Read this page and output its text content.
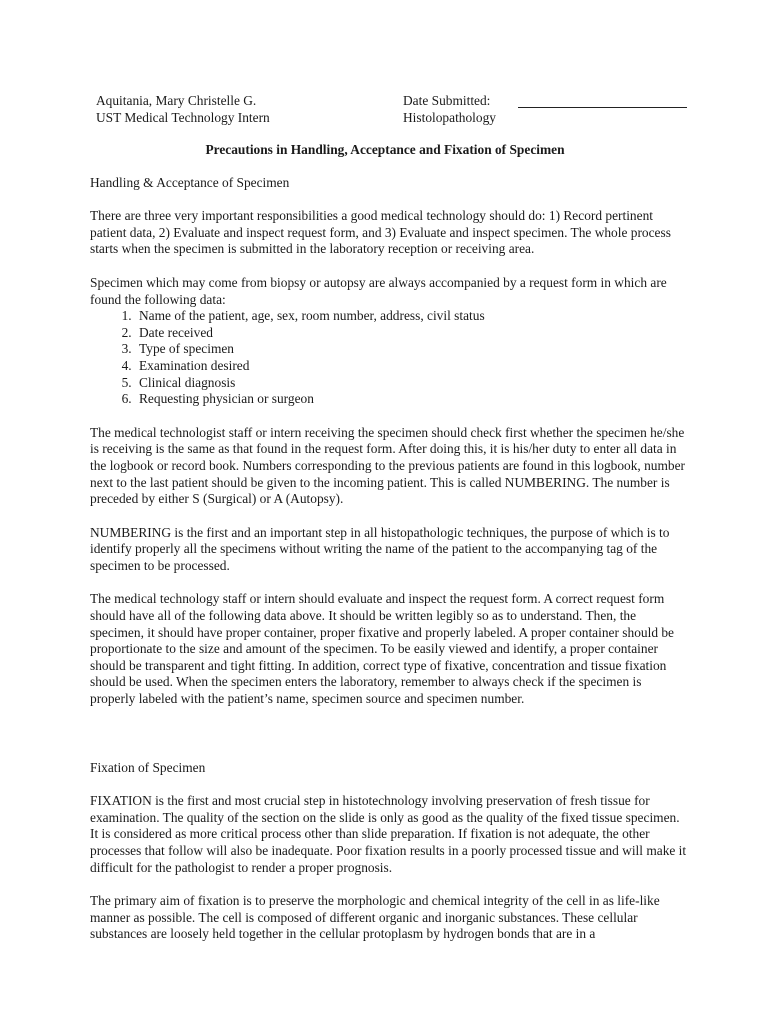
Aquitania, Mary Christelle G.
UST Medical Technology Intern
Date Submitted:
Histolopathology
Precautions in Handling, Acceptance and Fixation of Specimen
Handling & Acceptance of Specimen

There are three very important responsibilities a good medical technology should do: 1) Record pertinent patient data, 2) Evaluate and inspect request form, and 3) Evaluate and inspect specimen. The whole process starts when the specimen is submitted in the laboratory reception or receiving area.

Specimen which may come from biopsy or autopsy are always accompanied by a request form in which are found the following data:

1. Name of the patient, age, sex, room number, address, civil status
2. Date received
3. Type of specimen
4. Examination desired
5. Clinical diagnosis
6. Requesting physician or surgeon

The medical technologist staff or intern receiving the specimen should check first whether the specimen he/she is receiving is the same as that found in the request form. After doing this, it is his/her duty to enter all data in the logbook or record book. Numbers corresponding to the previous patients are found in this logbook, number next to the last patient should be given to the incoming patient. This is called NUMBERING. The number is preceded by either S (Surgical) or A (Autopsy).

NUMBERING is the first and an important step in all histopathologic techniques, the purpose of which is to identify properly all the specimens without writing the name of the patient to the accompanying tag of the specimen to be processed.

The medical technology staff or intern should evaluate and inspect the request form. A correct request form should have all of the following data above. It should be written legibly so as to understand. Then, the specimen, it should have proper container, proper fixative and properly labeled. A proper container should be proportionate to the size and amount of the specimen. To be easily viewed and identify, a proper container should be transparent and tight fitting. In addition, correct type of fixative, concentration and tissue fixation should be used. When the specimen enters the laboratory, remember to always check if the specimen is properly labeled with the patient’s name, specimen source and specimen number.

Fixation of Specimen

FIXATION is the first and most crucial step in histotechnology involving preservation of fresh tissue for examination. The quality of the section on the slide is only as good as the quality of the fixed tissue specimen. It is considered as more critical process other than slide preparation. If fixation is not adequate, the other processes that follow will also be inadequate. Poor fixation results in a poorly processed tissue and will make it difficult for the pathologist to render a proper prognosis.

The primary aim of fixation is to preserve the morphologic and chemical integrity of the cell in as life-like manner as possible. The cell is composed of different organic and inorganic substances. These cellular substances are loosely held together in the cellular protoplasm by hydrogen bonds that are in a
